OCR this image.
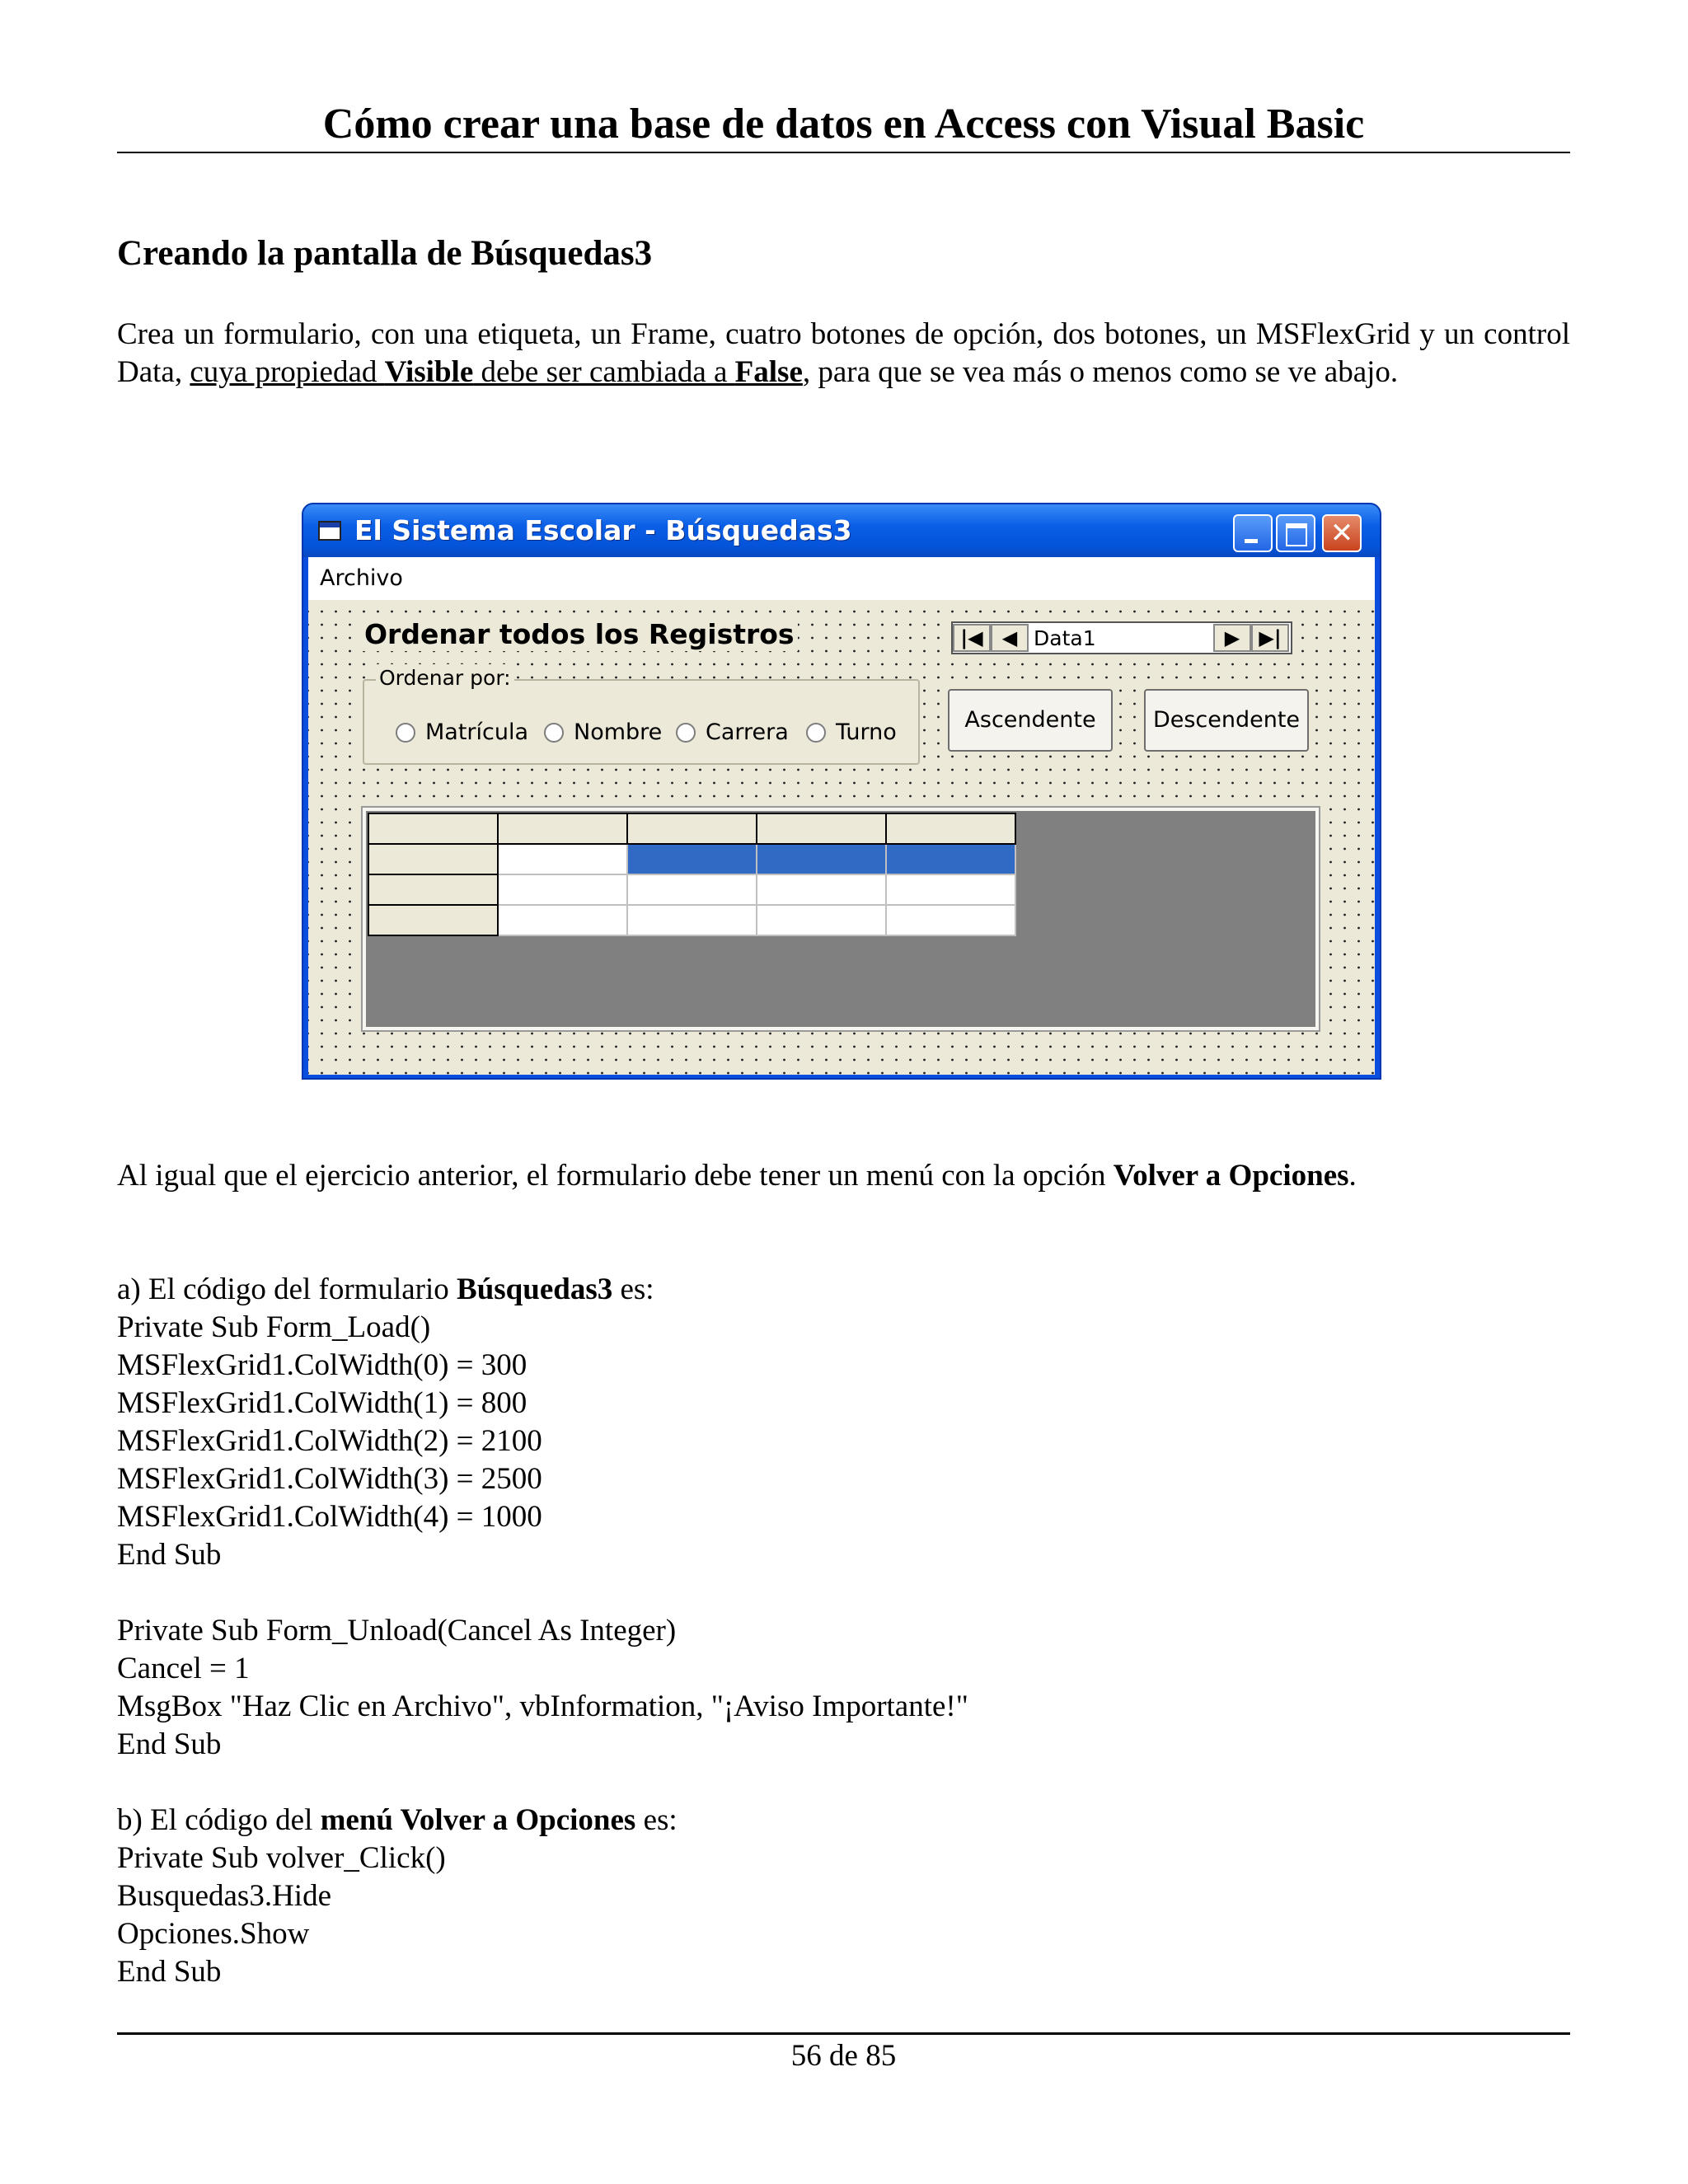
Cómo crear una base de datos en Access con Visual Basic
Creando la pantalla de Búsquedas3
Crea un formulario, con una etiqueta, un Frame, cuatro botones de opción, dos botones, un MSFlexGrid y un control Data, cuya propiedad Visible debe ser cambiada a False, para que se vea más o menos como se ve abajo.
El Sistema Escolar - Búsquedas3	✕
Archivo
Ordenar todos los Registros
Ordenar por:
Matrícula	Nombre	Carrera	Turno
|◀ ◀ Data1	▶ ▶|
Ascendente	Descendente

Al igual que el ejercicio anterior, el formulario debe tener un menú con la opción Volver a Opciones.
a) El código del formulario Búsquedas3 es:
Private Sub Form_Load()
MSFlexGrid1.ColWidth(0) = 300
MSFlexGrid1.ColWidth(1) = 800
MSFlexGrid1.ColWidth(2) = 2100
MSFlexGrid1.ColWidth(3) = 2500
MSFlexGrid1.ColWidth(4) = 1000
End Sub
Private Sub Form_Unload(Cancel As Integer)
Cancel = 1
MsgBox "Haz Clic en Archivo", vbInformation, "¡Aviso Importante!"
End Sub
b) El código del menú Volver a Opciones es:
Private Sub volver_Click()
Busquedas3.Hide
Opciones.Show
End Sub
56 de 85
